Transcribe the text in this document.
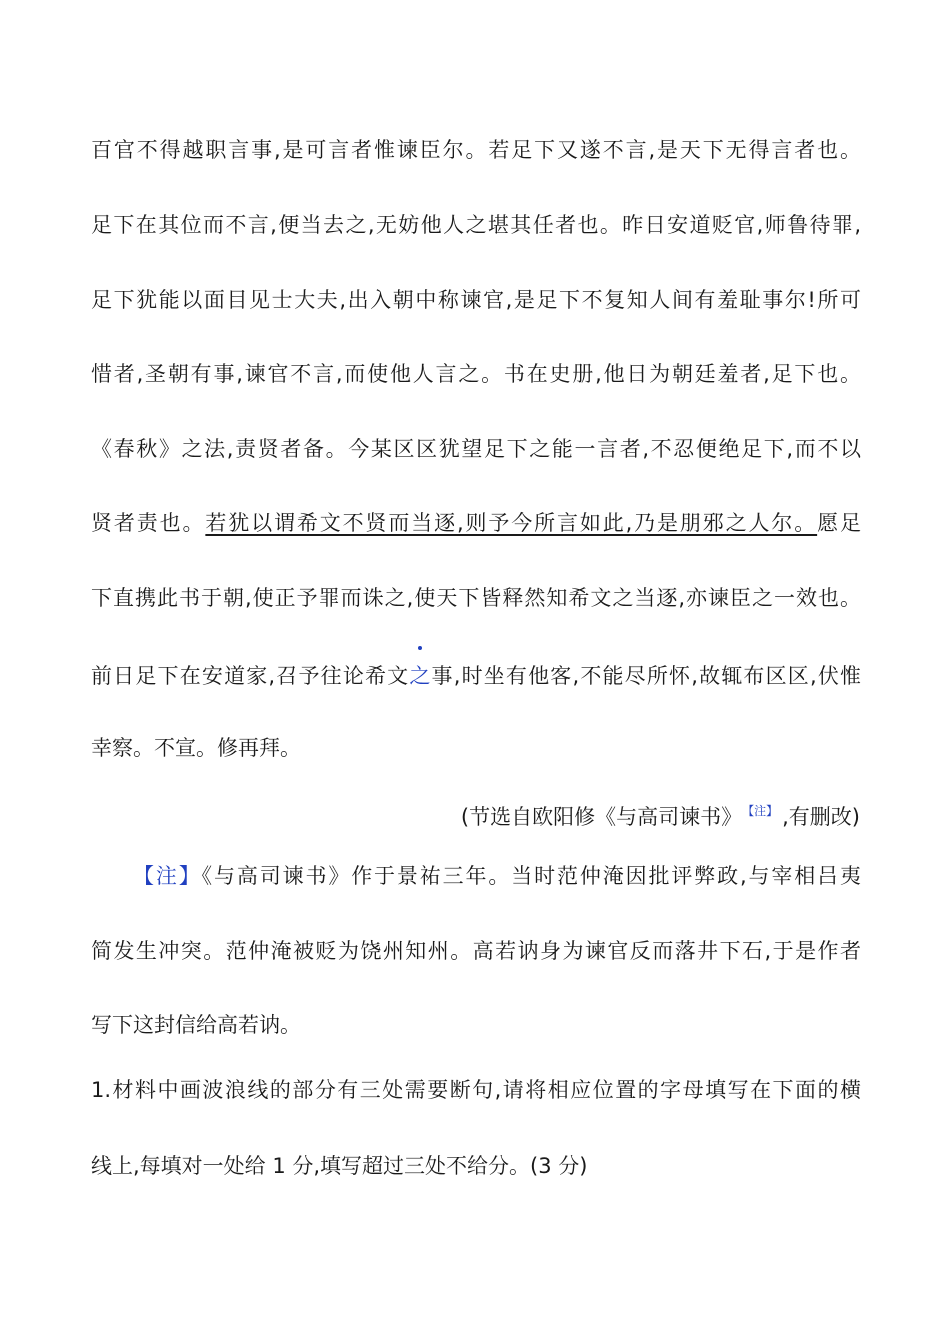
百官不得越职言事,是可言者惟谏臣尔。若足下又遂不言,是天下无得言者也。
足下在其位而不言,便当去之,无妨他人之堪其任者也。昨日安道贬官,师鲁待罪,
足下犹能以面目见士大夫,出入朝中称谏官,是足下不复知人间有羞耻事尔!所可
惜者,圣朝有事,谏官不言,而使他人言之。书在史册,他日为朝廷羞者,足下也。
《春秋》之法,责贤者备。今某区区犹望足下之能一言者,不忍便绝足下,而不以
贤者责也。若犹以谓希文不贤而当逐,则予今所言如此,乃是朋邪之人尔。愿足
下直携此书于朝,使正予罪而诛之,使天下皆释然知希文之当逐,亦谏臣之一效也。
前日足下在安道家,召予往论希文之事,时坐有他客,不能尽所怀,故辄布区区,伏惟
幸察。不宣。修再拜。
(节选自欧阳修《与高司谏书》 $^{【注】}$ ,有删改)
【注】《与高司谏书》作于景祐三年。当时范仲淹因批评弊政,与宰相吕夷
简发生冲突。范仲淹被贬为饶州知州。高若讷身为谏官反而落井下石,于是作者
写下这封信给高若讷。
1.材料中画波浪线的部分有三处需要断句,请将相应位置的字母填写在下面的横
线上,每填对一处给 1 分,填写超过三处不给分。(3 分)
